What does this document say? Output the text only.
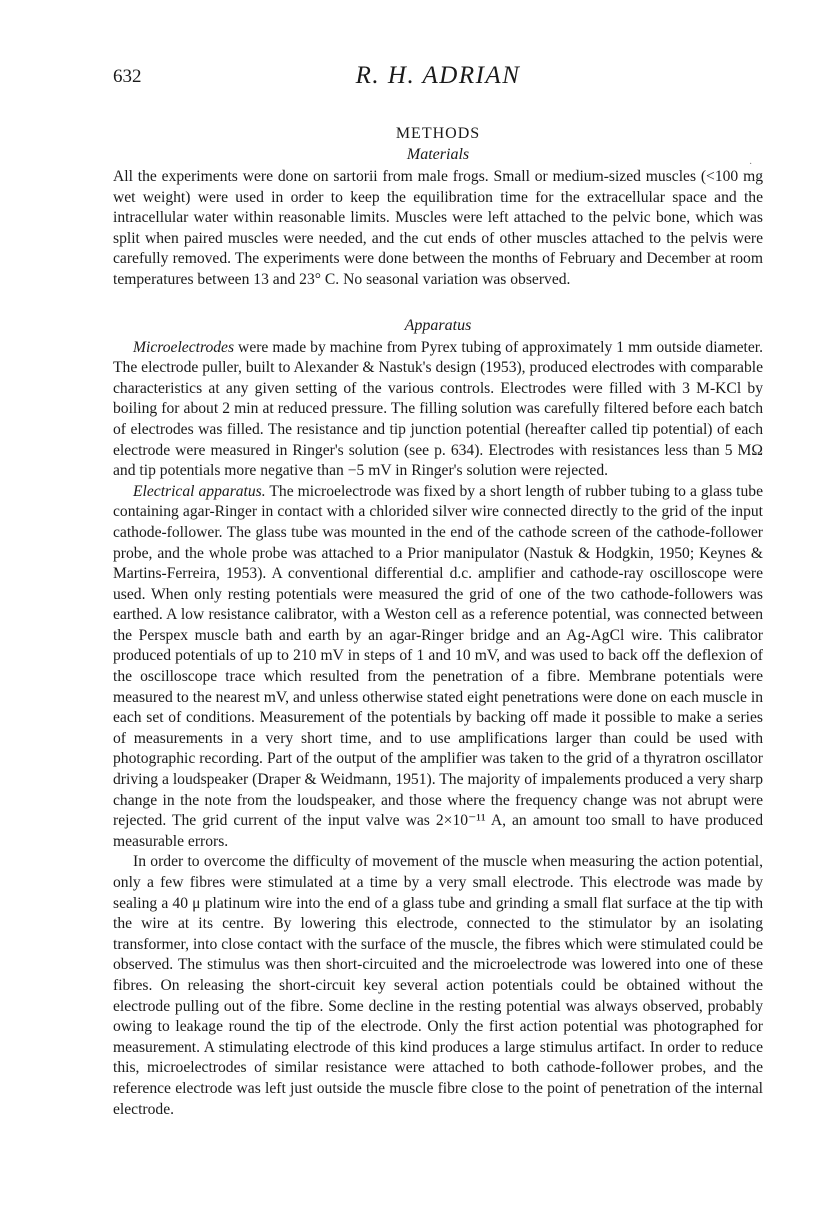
632	R. H. ADRIAN
·
METHODS
Materials

All the experiments were done on sartorii from male frogs. Small or medium-sized muscles (<100 mg wet weight) were used in order to keep the equilibration time for the extracellular space and the intracellular water within reasonable limits. Muscles were left attached to the pelvic bone, which was split when paired muscles were needed, and the cut ends of other muscles attached to the pelvis were carefully removed. The experiments were done between the months of February and December at room temperatures between 13 and 23° C. No seasonal variation was observed.

Apparatus

Microelectrodes were made by machine from Pyrex tubing of approximately 1 mm outside diameter. The electrode puller, built to Alexander & Nastuk's design (1953), produced electrodes with comparable characteristics at any given setting of the various controls. Electrodes were filled with 3 M-KCl by boiling for about 2 min at reduced pressure. The filling solution was carefully filtered before each batch of electrodes was filled. The resistance and tip junction potential (hereafter called tip potential) of each electrode were measured in Ringer's solution (see p. 634). Electrodes with resistances less than 5 MΩ and tip potentials more negative than −5 mV in Ringer's solution were rejected.

Electrical apparatus. The microelectrode was fixed by a short length of rubber tubing to a glass tube containing agar-Ringer in contact with a chlorided silver wire connected directly to the grid of the input cathode-follower. The glass tube was mounted in the end of the cathode screen of the cathode-follower probe, and the whole probe was attached to a Prior manipulator (Nastuk & Hodgkin, 1950; Keynes & Martins-Ferreira, 1953). A conventional differential d.c. amplifier and cathode-ray oscilloscope were used. When only resting potentials were measured the grid of one of the two cathode-followers was earthed. A low resistance calibrator, with a Weston cell as a reference potential, was connected between the Perspex muscle bath and earth by an agar-Ringer bridge and an Ag-AgCl wire. This calibrator produced potentials of up to 210 mV in steps of 1 and 10 mV, and was used to back off the deflexion of the oscilloscope trace which resulted from the penetration of a fibre. Membrane potentials were measured to the nearest mV, and unless otherwise stated eight penetrations were done on each muscle in each set of conditions. Measurement of the potentials by backing off made it possible to make a series of measurements in a very short time, and to use amplifications larger than could be used with photographic recording. Part of the output of the amplifier was taken to the grid of a thyratron oscillator driving a loudspeaker (Draper & Weidmann, 1951). The majority of impalements produced a very sharp change in the note from the loudspeaker, and those where the frequency change was not abrupt were rejected. The grid current of the input valve was 2×10⁻¹¹ A, an amount too small to have produced measurable errors.

In order to overcome the difficulty of movement of the muscle when measuring the action potential, only a few fibres were stimulated at a time by a very small electrode. This electrode was made by sealing a 40 μ platinum wire into the end of a glass tube and grinding a small flat surface at the tip with the wire at its centre. By lowering this electrode, connected to the stimulator by an isolating transformer, into close contact with the surface of the muscle, the fibres which were stimulated could be observed. The stimulus was then short-circuited and the microelectrode was lowered into one of these fibres. On releasing the short-circuit key several action potentials could be obtained without the electrode pulling out of the fibre. Some decline in the resting potential was always observed, probably owing to leakage round the tip of the electrode. Only the first action potential was photographed for measurement. A stimulating electrode of this kind produces a large stimulus artifact. In order to reduce this, microelectrodes of similar resistance were attached to both cathode-follower probes, and the reference electrode was left just outside the muscle fibre close to the point of penetration of the internal electrode.
